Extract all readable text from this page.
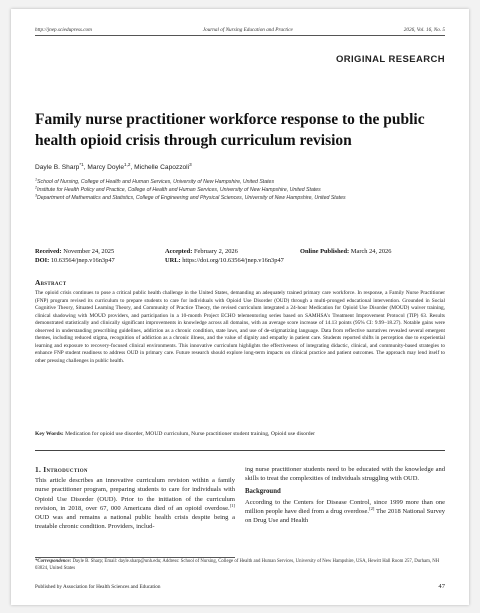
http://jnep.sciedupress.com	Journal of Nursing Education and Practice	2026, Vol. 16, No. 5
ORIGINAL RESEARCH
Family nurse practitioner workforce response to the public health opioid crisis through curriculum revision
Dayle B. Sharp$^{*1}$, Marcy Doyle$^{1,2}$, Michelle Capozzoli$^3$
$^1$School of Nursing, College of Health and Human Services, University of New Hampshire, United States
$^2$Institute for Health Policy and Practice, College of Health and Human Services, University of New Hampshire, United States
$^3$Department of Mathematics and Statistics, College of Engineering and Physical Sciences, University of New Hampshire, United States
Received: November 24, 2025	Accepted: February 2, 2026	Online Published: March 24, 2026
DOI: 10.63564/jnep.v16n3p47	URL: https://doi.org/10.63564/jnep.v16n3p47
Abstract
The opioid crisis continues to pose a critical public health challenge in the United States, demanding an adequately trained primary care workforce. In response, a Family Nurse Practitioner (FNP) program revised its curriculum to prepare students to care for individuals with Opioid Use Disorder (OUD) through a multi-pronged educational intervention. Grounded in Social Cognitive Theory, Situated Learning Theory, and Community of Practice Theory, the revised curriculum integrated a 24-hour Medication for Opioid Use Disorder (MOUD) waiver training, clinical shadowing with MOUD providers, and participation in a 10-month Project ECHO telementoring series based on SAMHSA's Treatment Improvement Protocol (TIP) 63. Results demonstrated statistically and clinically significant improvements in knowledge across all domains, with an average score increase of 14.13 points (95% CI: 9.99–18.27). Notable gains were observed in understanding prescribing guidelines, addiction as a chronic condition, state laws, and use of de-stigmatizing language. Data from reflective narratives revealed several emergent themes, including reduced stigma, recognition of addiction as a chronic illness, and the value of dignity and empathy in patient care. Students reported shifts in perception due to experiential learning and exposure to recovery-focused clinical environments. This innovative curriculum highlights the effectiveness of integrating didactic, clinical, and community-based strategies to enhance FNP student readiness to address OUD in primary care. Future research should explore long-term impacts on clinical practice and patient outcomes. The approach may lend itself to other pressing challenges in public health.
Key Words: Medication for opioid use disorder, MOUD curriculum, Nurse practitioner student training, Opioid use disorder
1. Introduction

This article describes an innovative curriculum revision within a family nurse practitioner program, preparing students to care for individuals with Opioid Use Disorder (OUD). Prior to the initiation of the curriculum revision, in 2018, over 67, 000 Americans died of an opioid overdose.[1] OUD was and remains a national public health crisis despite being a treatable chronic condition. Providers, includ-

ing nurse practitioner students need to be educated with the knowledge and skills to treat the complexities of individuals struggling with OUD.

Background

According to the Centers for Disease Control, since 1999 more than one million people have died from a drug overdose.[2] The 2018 National Survey on Drug Use and Health

*Correspondence: Dayle B. Sharp; Email: dayle.sharp@unh.edu; Address: School of Nursing, College of Health and Human Services, University of New Hampshire, USA, Hewitt Hall Room 257, Durham, NH 03824, United States
Published by Association for Health Sciences and Education	47
